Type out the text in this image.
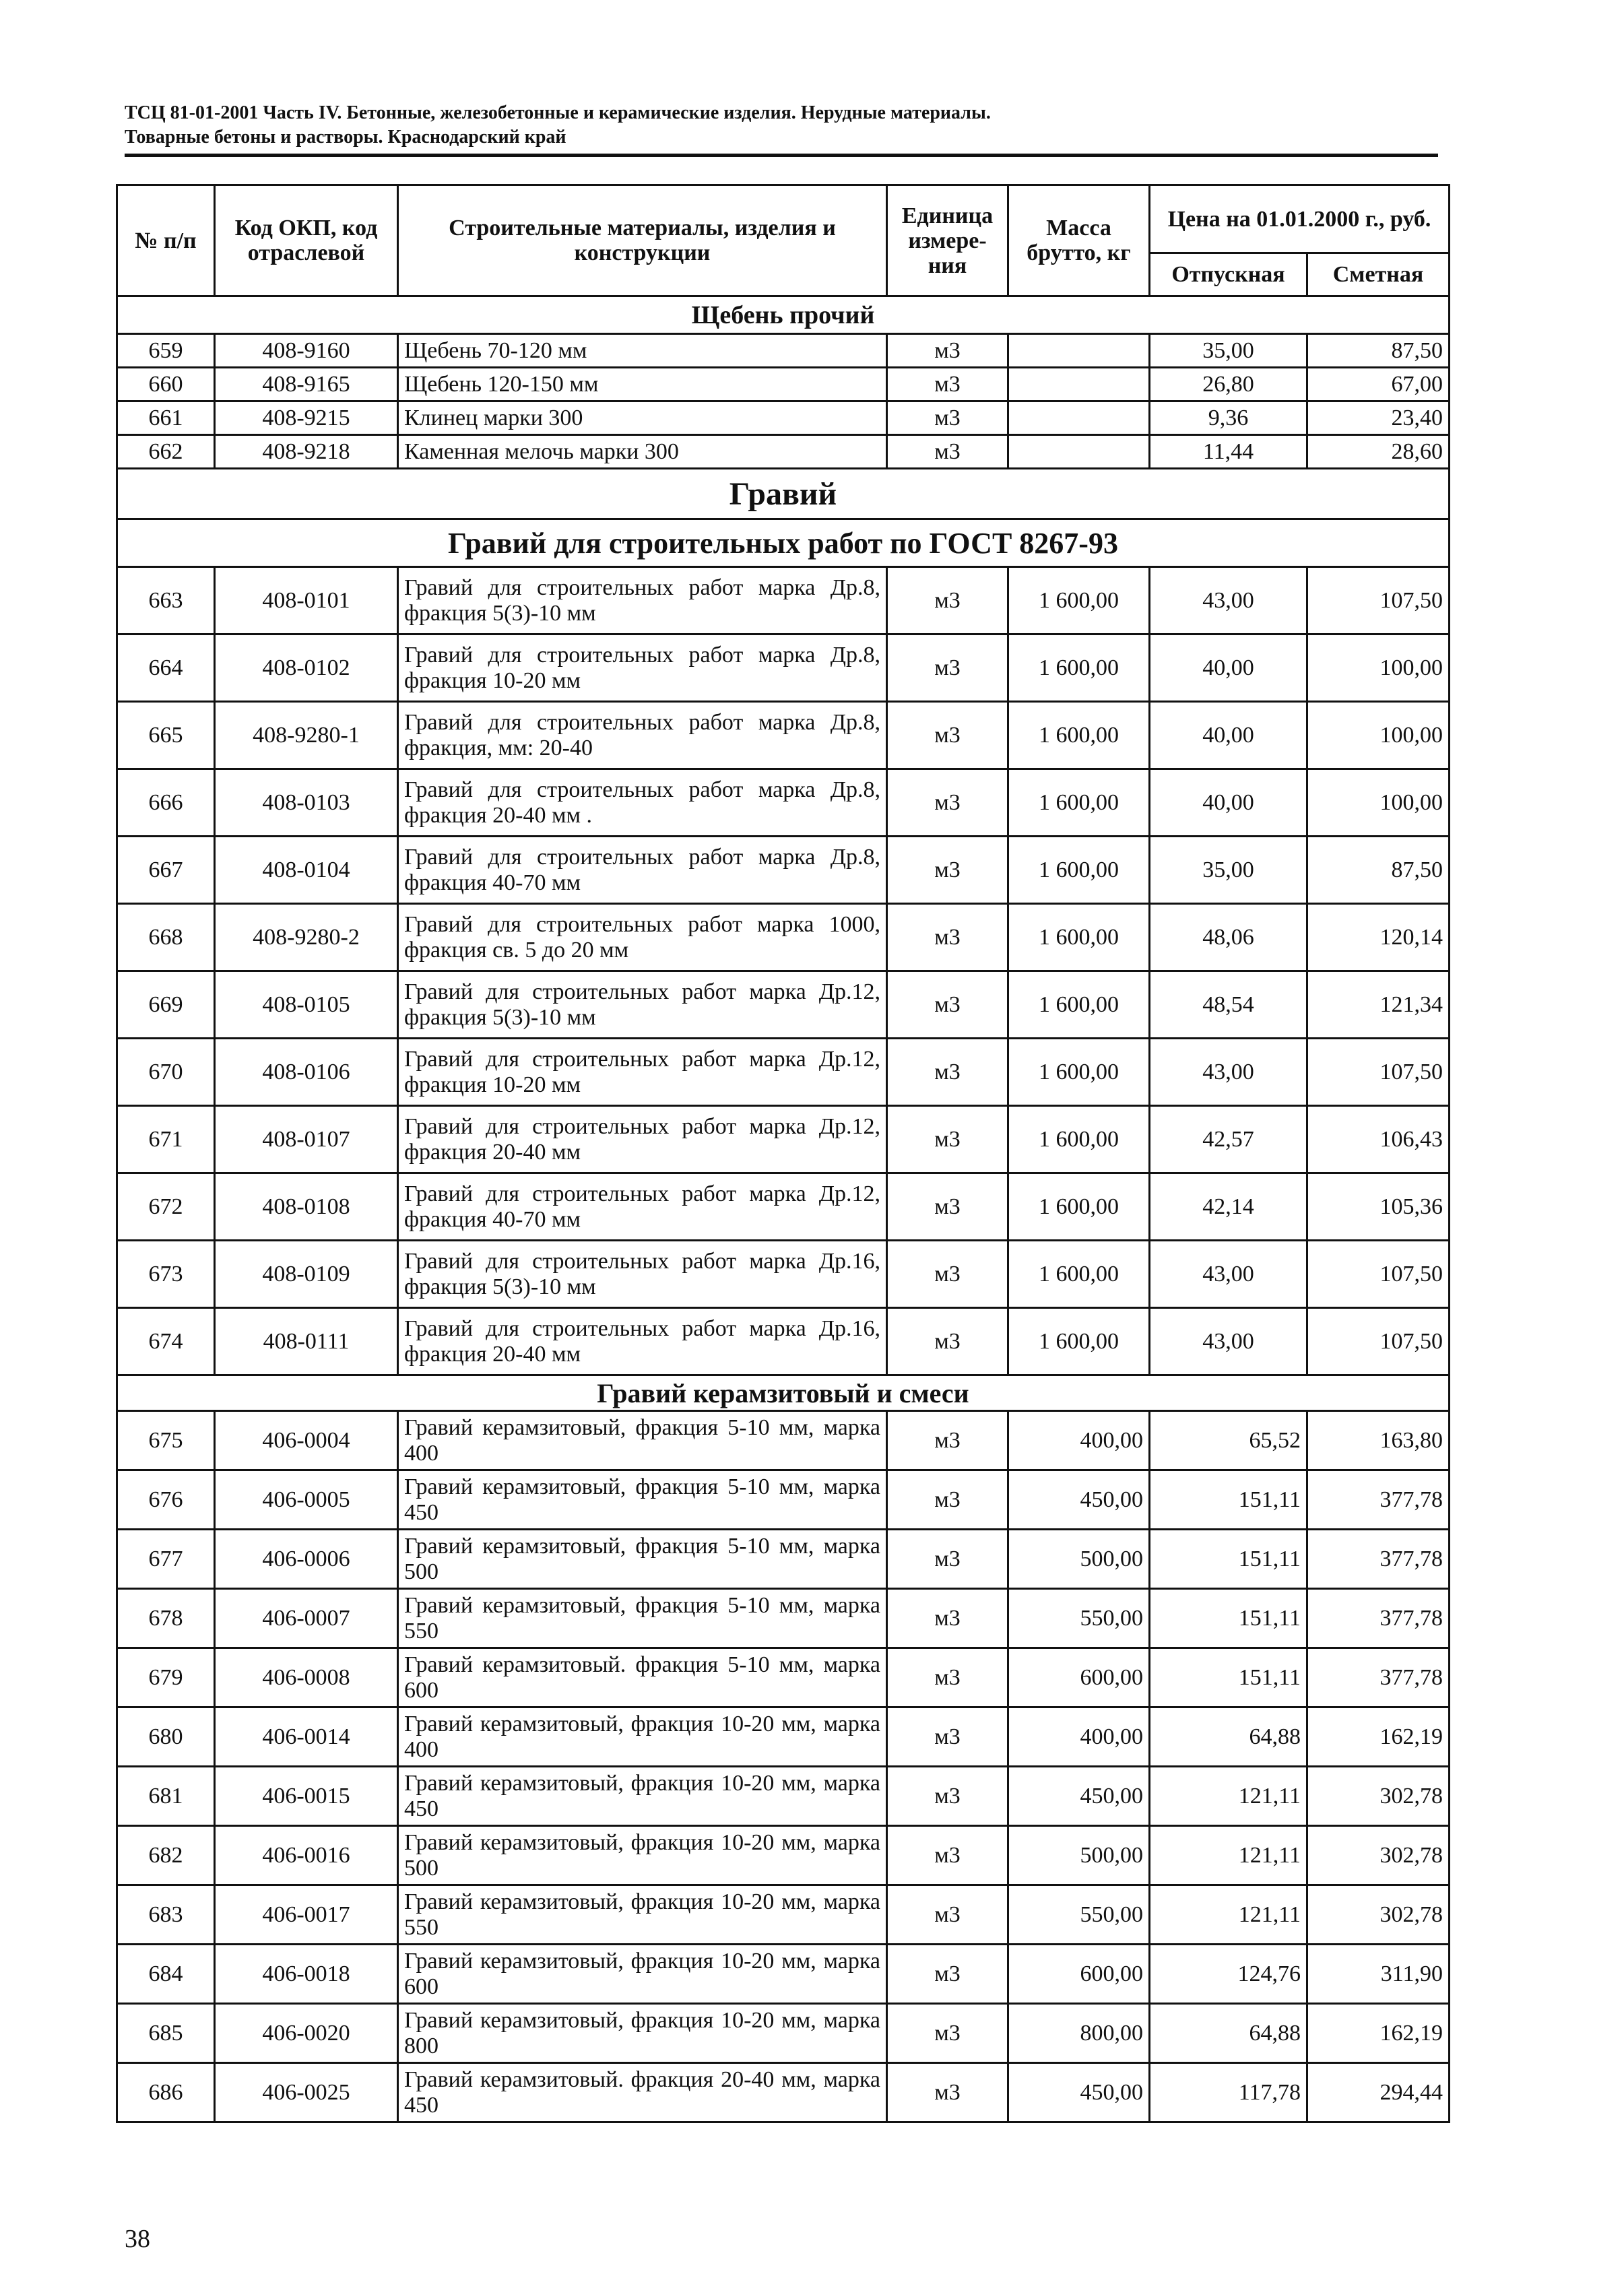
ТСЦ 81-01-2001 Часть IV. Бетонные, железобетонные и керамические изделия. Нерудные материалы.
Товарные бетоны и растворы. Краснодарский край
№ п/п	Код ОКП, код отраслевой	Строительные материалы, изделия и конструкции	Единица измере-ния	Масса брутто, кг	Цена на 01.01.2000 г., руб.	
					Отпускная	Сметная
Щебень прочий						
659	408-9160	Щебень 70-120 мм	м3		35,00	87,50
660	408-9165	Щебень 120-150 мм	м3		26,80	67,00
661	408-9215	Клинец марки 300	м3		9,36	23,40
662	408-9218	Каменная мелочь марки 300	м3		11,44	28,60
Гравий						
Гравий для строительных работ по ГОСТ 8267-93						
663	408-0101	Гравий для строительных работ марка Др.8, фракция 5(3)-10 мм	м3	1 600,00	43,00	107,50
664	408-0102	Гравий для строительных работ марка Др.8, фракция 10-20 мм	м3	1 600,00	40,00	100,00
665	408-9280-1	Гравий для строительных работ марка Др.8, фракция, мм: 20-40	м3	1 600,00	40,00	100,00
666	408-0103	Гравий для строительных работ марка Др.8, фракция 20-40 мм .	м3	1 600,00	40,00	100,00
667	408-0104	Гравий для строительных работ марка Др.8, фракция 40-70 мм	м3	1 600,00	35,00	87,50
668	408-9280-2	Гравий для строительных работ марка 1000, фракция св. 5 до 20 мм	м3	1 600,00	48,06	120,14
669	408-0105	Гравий для строительных работ марка Др.12, фракция 5(3)-10 мм	м3	1 600,00	48,54	121,34
670	408-0106	Гравий для строительных работ марка Др.12, фракция 10-20 мм	м3	1 600,00	43,00	107,50
671	408-0107	Гравий для строительных работ марка Др.12, фракция 20-40 мм	м3	1 600,00	42,57	106,43
672	408-0108	Гравий для строительных работ марка Др.12, фракция 40-70 мм	м3	1 600,00	42,14	105,36
673	408-0109	Гравий для строительных работ марка Др.16, фракция 5(3)-10 мм	м3	1 600,00	43,00	107,50
674	408-0111	Гравий для строительных работ марка Др.16, фракция 20-40 мм	м3	1 600,00	43,00	107,50
Гравий керамзитовый и смеси						
675	406-0004	Гравий керамзитовый, фракция 5-10 мм, марка 400	м3	400,00	65,52	163,80
676	406-0005	Гравий керамзитовый, фракция 5-10 мм, марка 450	м3	450,00	151,11	377,78
677	406-0006	Гравий керамзитовый, фракция 5-10 мм, марка 500	м3	500,00	151,11	377,78
678	406-0007	Гравий керамзитовый, фракция 5-10 мм, марка 550	м3	550,00	151,11	377,78
679	406-0008	Гравий керамзитовый. фракция 5-10 мм, марка 600	м3	600,00	151,11	377,78
680	406-0014	Гравий керамзитовый, фракция 10-20 мм, марка 400	м3	400,00	64,88	162,19
681	406-0015	Гравий керамзитовый, фракция 10-20 мм, марка 450	м3	450,00	121,11	302,78
682	406-0016	Гравий керамзитовый, фракция 10-20 мм, марка 500	м3	500,00	121,11	302,78
683	406-0017	Гравий керамзитовый, фракция 10-20 мм, марка 550	м3	550,00	121,11	302,78
684	406-0018	Гравий керамзитовый, фракция 10-20 мм, марка 600	м3	600,00	124,76	311,90
685	406-0020	Гравий керамзитовый, фракция 10-20 мм, марка 800	м3	800,00	64,88	162,19
686	406-0025	Гравий керамзитовый. фракция 20-40 мм, марка 450	м3	450,00	117,78	294,44
38
